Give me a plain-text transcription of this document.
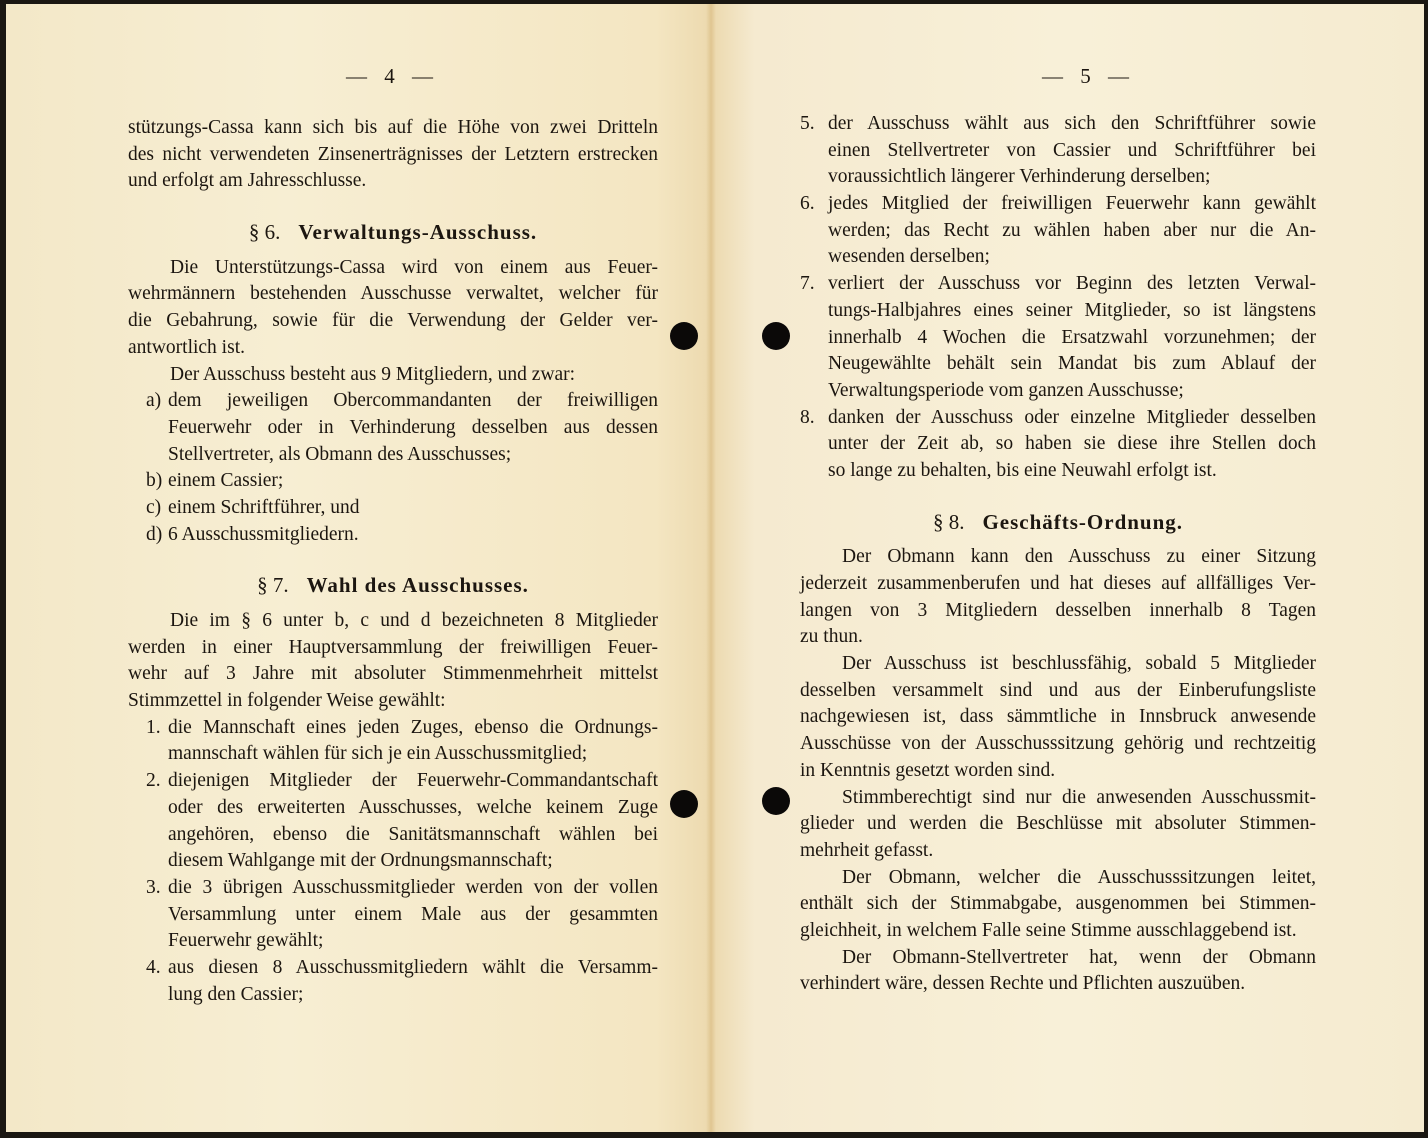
— 4 —
stützungs-Cassa kann sich bis auf die Höhe von zwei Dritteln
des nicht verwendeten Zinsenerträgnisses der Letztern erstrecken
und erfolgt am Jahresschlusse.
§ 6. Verwaltungs-Ausschuss.
Die Unterstützungs-Cassa wird von einem aus Feuer-
wehrmännern bestehenden Ausschusse verwaltet, welcher für
die Gebahrung, sowie für die Verwendung der Gelder ver-
antwortlich ist.
Der Ausschuss besteht aus 9 Mitgliedern, und zwar:
a) dem jeweiligen Obercommandanten der freiwilligen
Feuerwehr oder in Verhinderung desselben aus dessen
Stellvertreter, als Obmann des Ausschusses;
b) einem Cassier;
c) einem Schriftführer, und
d) 6 Ausschussmitgliedern.
§ 7. Wahl des Ausschusses.
Die im § 6 unter b, c und d bezeichneten 8 Mitglieder
werden in einer Hauptversammlung der freiwilligen Feuer-
wehr auf 3 Jahre mit absoluter Stimmenmehrheit mittelst
Stimmzettel in folgender Weise gewählt:
1. die Mannschaft eines jeden Zuges, ebenso die Ordnungs-
mannschaft wählen für sich je ein Ausschussmitglied;
2. diejenigen Mitglieder der Feuerwehr-Commandantschaft
oder des erweiterten Ausschusses, welche keinem Zuge
angehören, ebenso die Sanitätsmannschaft wählen bei
diesem Wahlgange mit der Ordnungsmannschaft;
3. die 3 übrigen Ausschussmitglieder werden von der vollen
Versammlung unter einem Male aus der gesammten
Feuerwehr gewählt;
4. aus diesen 8 Ausschussmitgliedern wählt die Versamm-
lung den Cassier;
— 5 —
5. der Ausschuss wählt aus sich den Schriftführer sowie
einen Stellvertreter von Cassier und Schriftführer bei
voraussichtlich längerer Verhinderung derselben;
6. jedes Mitglied der freiwilligen Feuerwehr kann gewählt
werden; das Recht zu wählen haben aber nur die An-
wesenden derselben;
7. verliert der Ausschuss vor Beginn des letzten Verwal-
tungs-Halbjahres eines seiner Mitglieder, so ist längstens
innerhalb 4 Wochen die Ersatzwahl vorzunehmen; der
Neugewählte behält sein Mandat bis zum Ablauf der
Verwaltungsperiode vom ganzen Ausschusse;
8. danken der Ausschuss oder einzelne Mitglieder desselben
unter der Zeit ab, so haben sie diese ihre Stellen doch
so lange zu behalten, bis eine Neuwahl erfolgt ist.
§ 8. Geschäfts-Ordnung.
Der Obmann kann den Ausschuss zu einer Sitzung
jederzeit zusammenberufen und hat dieses auf allfälliges Ver-
langen von 3 Mitgliedern desselben innerhalb 8 Tagen
zu thun.
Der Ausschuss ist beschlussfähig, sobald 5 Mitglieder
desselben versammelt sind und aus der Einberufungsliste
nachgewiesen ist, dass sämmtliche in Innsbruck anwesende
Ausschüsse von der Ausschusssitzung gehörig und rechtzeitig
in Kenntnis gesetzt worden sind.
Stimmberechtigt sind nur die anwesenden Ausschussmit-
glieder und werden die Beschlüsse mit absoluter Stimmen-
mehrheit gefasst.
Der Obmann, welcher die Ausschusssitzungen leitet,
enthält sich der Stimmabgabe, ausgenommen bei Stimmen-
gleichheit, in welchem Falle seine Stimme ausschlaggebend ist.
Der Obmann-Stellvertreter hat, wenn der Obmann
verhindert wäre, dessen Rechte und Pflichten auszuüben.
